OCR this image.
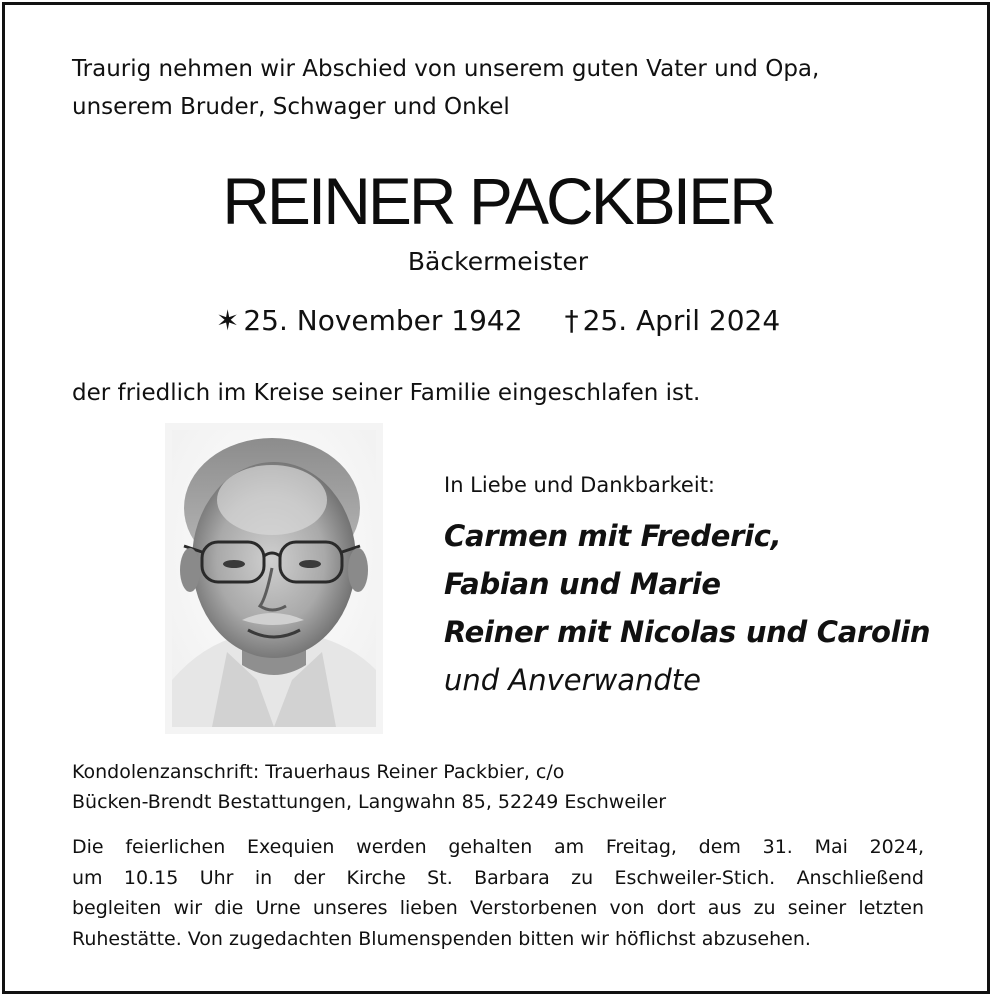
Traurig nehmen wir Abschied von unserem guten Vater und Opa,

unserem Bruder, Schwager und Onkel

REINER PACKBIER
Bäckermeister
✶ 25. November 1942 † 25. April 2024
der friedlich im Kreise seiner Familie eingeschlafen ist.
In Liebe und Dankbarkeit:
Carmen mit Frederic,
Fabian und Marie
Reiner mit Nicolas und Carolin
und Anverwandte
Kondolenzanschrift: Trauerhaus Reiner Packbier, c/o
Bücken-Brendt Bestattungen, Langwahn 85, 52249 Eschweiler
Die feierlichen Exequien werden gehalten am Freitag, dem 31. Mai 2024,
um 10.15 Uhr in der Kirche St. Barbara zu Eschweiler-Stich. Anschließend
begleiten wir die Urne unseres lieben Verstorbenen von dort aus zu seiner letzten
Ruhestätte. Von zugedachten Blumenspenden bitten wir höflichst abzusehen.
